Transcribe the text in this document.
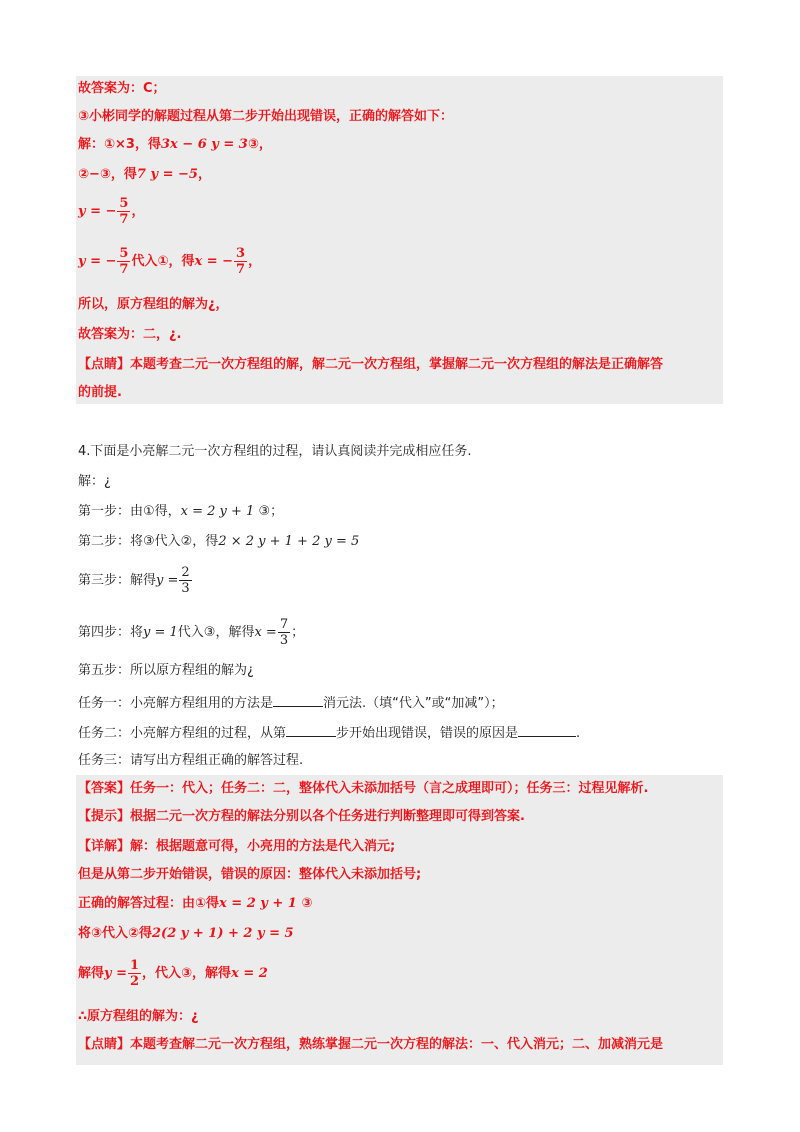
故答案为：C；
③小彬同学的解题过程从第二步开始出现错误，正确的解答如下：
解：①×3，得3x − 6 y = 3③，
②−③，得7 y = −5，
y = − $\frac{5}{7}$ ，
y = − $\frac{5}{7}$ 代入①，得x = − $\frac{3}{7}$ ，
所以，原方程组的解为¿，
故答案为：二，¿.
【点睛】本题考查二元一次方程组的解，解二元一次方程组，掌握解二元一次方程组的解法是正确解答
的前提.
4.下面是小亮解二元一次方程组的过程，请认真阅读并完成相应任务.
解：¿
第一步：由①得，x = 2 y + 1 ③；
第二步：将③代入②，得2 × 2 y + 1 + 2 y = 5
第三步：解得$y = \frac{2}{3}$
第四步：将y = 1代入③，解得$x = \frac{7}{3}$ ；
第五步：所以原方程组的解为¿
任务一：小亮解方程组用的方法是	消元法.（填“代入”或“加减”）；
任务二：小亮解方程组的过程，从第	步开始出现错误，错误的原因是	.
任务三：请写出方程组正确的解答过程.
【答案】任务一：代入；任务二：二，整体代入未添加括号（言之成理即可）；任务三：过程见解析.
【提示】根据二元一次方程的解法分别以各个任务进行判断整理即可得到答案.
【详解】解：根据题意可得，小亮用的方法是代入消元;
但是从第二步开始错误，错误的原因：整体代入未添加括号;
正确的解答过程：由①得x = 2 y + 1 ③
将③代入②得2(2 y + 1) + 2 y = 5
解得$y = \frac{1}{2}$ ，代入③，解得x = 2
∴原方程组的解为：¿
【点睛】本题考查解二元一次方程组，熟练掌握二元一次方程的解法：一、代入消元；二、加减消元是
